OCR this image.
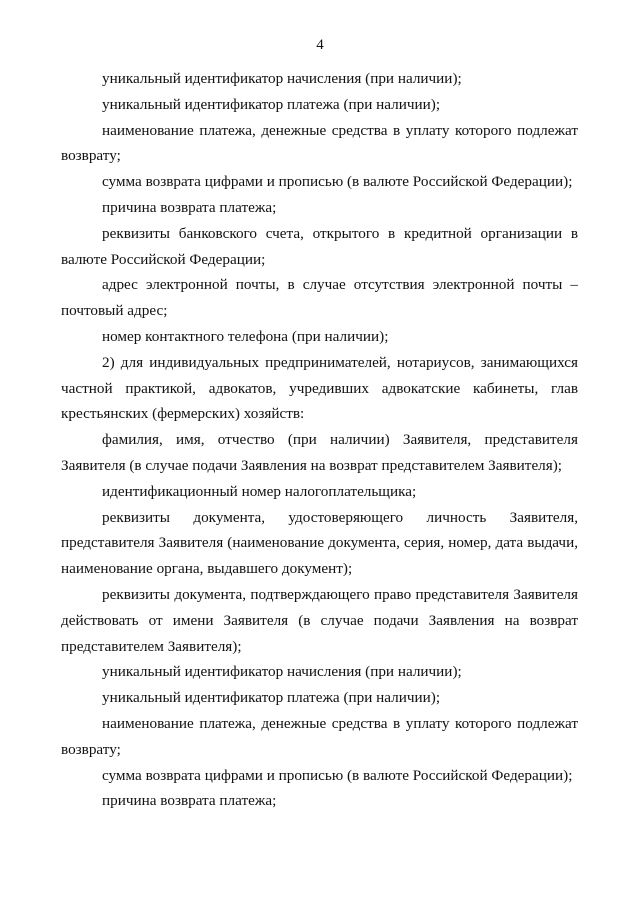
4

уникальный идентификатор начисления (при наличии);

уникальный идентификатор платежа (при наличии);

наименование платежа, денежные средства в уплату которого подлежат возврату;

сумма возврата цифрами и прописью (в валюте Российской Федерации);

причина возврата платежа;

реквизиты банковского счета, открытого в кредитной организации в валюте Российской Федерации;

адрес электронной почты, в случае отсутствия электронной почты – почтовый адрес;

номер контактного телефона (при наличии);

2) для индивидуальных предпринимателей, нотариусов, занимающихся частной практикой, адвокатов, учредивших адвокатские кабинеты, глав крестьянских (фермерских) хозяйств:

фамилия, имя, отчество (при наличии) Заявителя, представителя Заявителя (в случае подачи Заявления на возврат представителем Заявителя);

идентификационный номер налогоплательщика;

реквизиты документа, удостоверяющего личность Заявителя, представителя Заявителя (наименование документа, серия, номер, дата выдачи, наименование органа, выдавшего документ);

реквизиты документа, подтверждающего право представителя Заявителя действовать от имени Заявителя (в случае подачи Заявления на возврат представителем Заявителя);

уникальный идентификатор начисления (при наличии);

уникальный идентификатор платежа (при наличии);

наименование платежа, денежные средства в уплату которого подлежат возврату;

сумма возврата цифрами и прописью (в валюте Российской Федерации);

причина возврата платежа;
